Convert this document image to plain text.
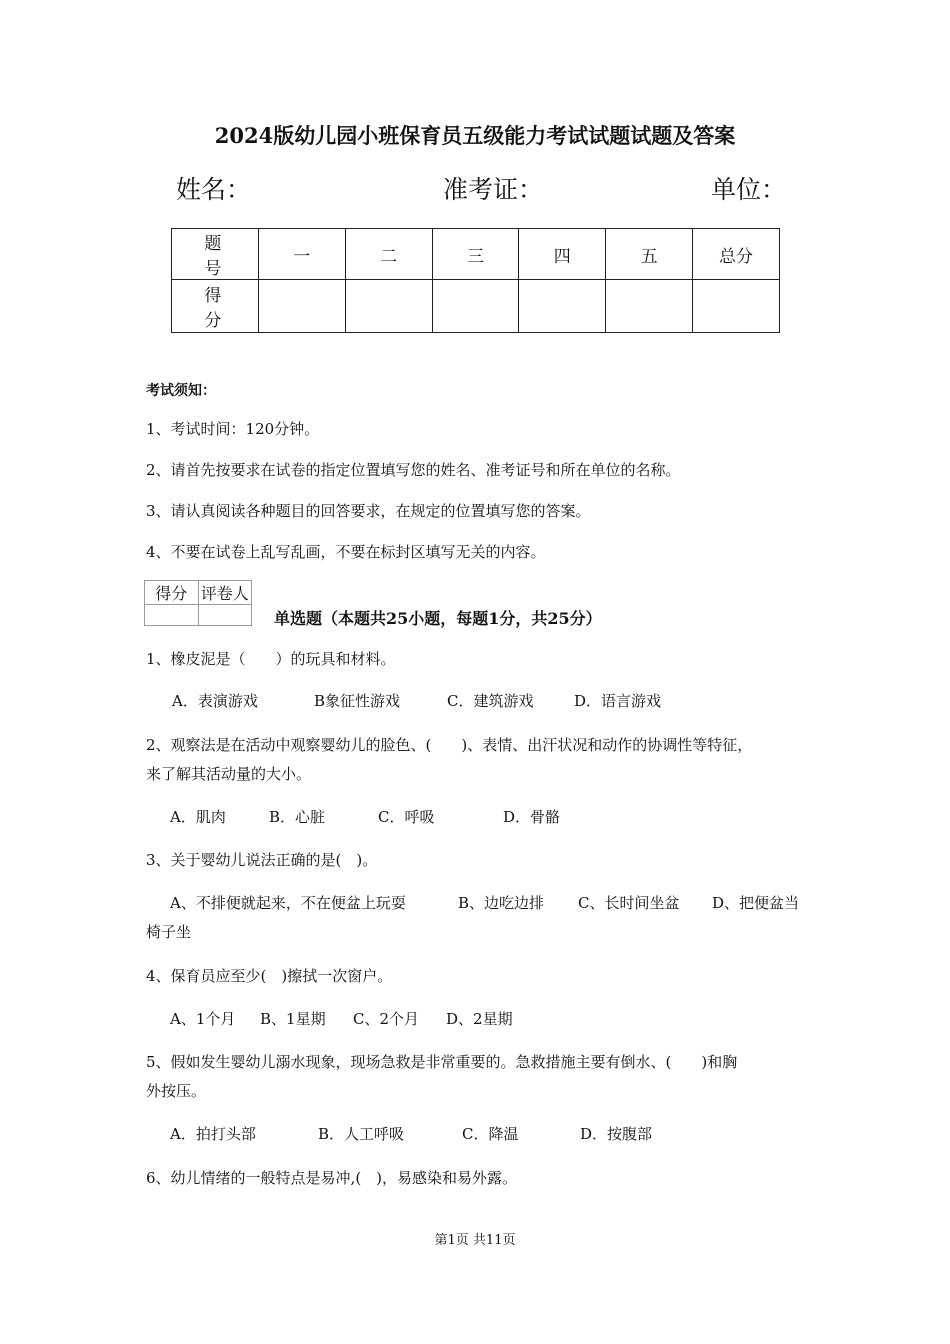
2024版幼儿园小班保育员五级能力考试试题试题及答案
姓名：	准考证：	单位：
题　号	一	二	三	四	五	总分
得　分						
考试须知：
1、考试时间：120分钟。
2、请首先按要求在试卷的指定位置填写您的姓名、准考证号和所在单位的名称。
3、请认真阅读各种题目的回答要求，在规定的位置填写您的答案。
4、不要在试卷上乱写乱画，不要在标封区填写无关的内容。
得分	评卷人

单选题（本题共25小题，每题1分，共25分）
1、橡皮泥是（　　）的玩具和材料。
A．表演游戏	B象征性游戏	C．建筑游戏	D．语言游戏
2、观察法是在活动中观察婴幼儿的脸色、(　　)、表情、出汗状况和动作的协调性等特征，
来了解其活动量的大小。
A．肌肉	B．心脏	C．呼吸	D．骨骼
3、关于婴幼儿说法正确的是(　)。
A、不排便就起来，不在便盆上玩耍	B、边吃边排 C、长时间坐盆 D、把便盆当
椅子坐
4、保育员应至少(　)擦拭一次窗户。
A、1个月 B、1星期 C、2个月 D、2星期
5、假如发生婴幼儿溺水现象，现场急救是非常重要的。急救措施主要有倒水、(　　)和胸
外按压。
A．拍打头部	B．人工呼吸	C．降温	D．按腹部
6、幼儿情绪的一般特点是易冲,(　)，易感染和易外露。
第1页 共11页
